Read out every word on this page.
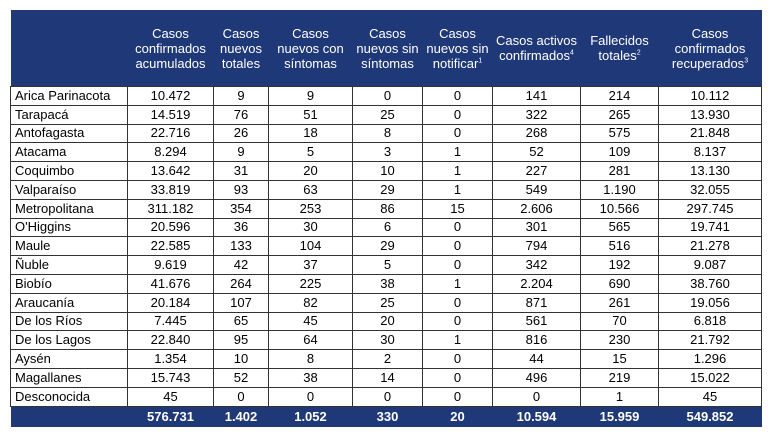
	Casos confirmados acumulados	Casos nuevos totales	Casos nuevos con síntomas	Casos nuevos sin síntomas	Casos nuevos sin notificar$^1$	Casos activos confirmados$^4$	Fallecidos totales$^2$	Casos confirmados recuperados$^3$
Arica Parinacota	10.472	9	9	0	0	141	214	10.112
Tarapacá	14.519	76	51	25	0	322	265	13.930
Antofagasta	22.716	26	18	8	0	268	575	21.848
Atacama	8.294	9	5	3	1	52	109	8.137
Coquimbo	13.642	31	20	10	1	227	281	13.130
Valparaíso	33.819	93	63	29	1	549	1.190	32.055
Metropolitana	311.182	354	253	86	15	2.606	10.566	297.745
O'Higgins	20.596	36	30	6	0	301	565	19.741
Maule	22.585	133	104	29	0	794	516	21.278
Ñuble	9.619	42	37	5	0	342	192	9.087
Biobío	41.676	264	225	38	1	2.204	690	38.760
Araucanía	20.184	107	82	25	0	871	261	19.056
De los Ríos	7.445	65	45	20	0	561	70	6.818
De los Lagos	22.840	95	64	30	1	816	230	21.792
Aysén	1.354	10	8	2	0	44	15	1.296
Magallanes	15.743	52	38	14	0	496	219	15.022
Desconocida	45	0	0	0	0	0	1	45
	576.731	1.402	1.052	330	20	10.594	15.959	549.852
